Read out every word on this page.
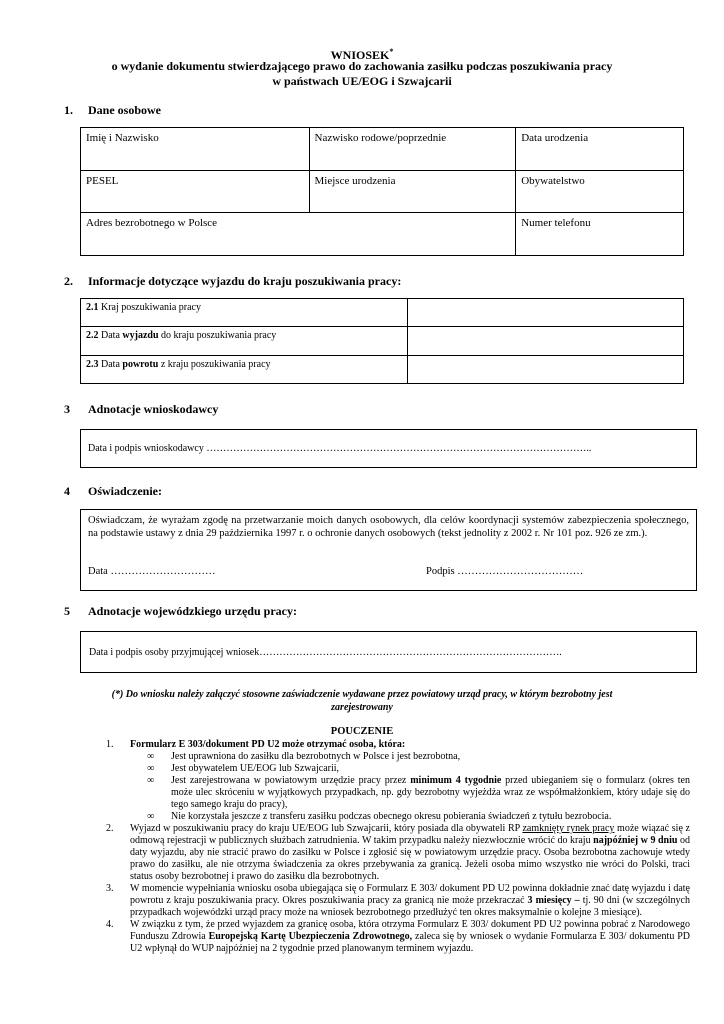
WNIOSEK*
o wydanie dokumentu stwierdzającego prawo do zachowania zasiłku podczas poszukiwania pracy
w państwach UE/EOG i Szwajcarii
1. Dane osobowe
Imię i Nazwisko	Nazwisko rodowe/poprzednie	Data urodzenia
PESEL	Miejsce urodzenia	Obywatelstwo
Adres bezrobotnego w Polsce		Numer telefonu
2. Informacje dotyczące wyjazdu do kraju poszukiwania pracy:
2.1 Kraj poszukiwania pracy	
2.2 Data wyjazdu do kraju poszukiwania pracy	
2.3 Data powrotu z kraju poszukiwania pracy	
3 Adnotacje wnioskodawcy
Data i podpis wnioskodawcy ……………………………………………………………………………………………………..
4 Oświadczenie:
Oświadczam, że wyrażam zgodę na przetwarzanie moich danych osobowych, dla celów koordynacji systemów zabezpieczenia społecznego, na podstawie ustawy z dnia 29 października 1997 r. o ochronie danych osobowych (tekst jednolity z 2002 r. Nr 101 poz. 926 ze zm.).
Data …………………………	Podpis ………………………………
5 Adnotacje wojewódzkiego urzędu pracy:
Data i podpis osoby przyjmującej wniosek……………………………………………………………………………….
(*) Do wniosku należy załączyć stosowne zaświadczenie wydawane przez powiatowy urząd pracy, w którym bezrobotny jest zarejestrowany
POUCZENIE
1. Formularz E 303/dokument PD U2 może otrzymać osoba, która:
∞ Jest uprawniona do zasiłku dla bezrobotnych w Polsce i jest bezrobotna,
∞ Jest obywatelem UE/EOG lub Szwajcarii,
∞ Jest zarejestrowana w powiatowym urzędzie pracy przez minimum 4 tygodnie przed ubieganiem się o formularz (okres ten może ulec skróceniu w wyjątkowych przypadkach, np. gdy bezrobotny wyjeżdża wraz ze współmałżonkiem, który udaje się do tego samego kraju do pracy),
∞ Nie korzystała jeszcze z transferu zasiłku podczas obecnego okresu pobierania świadczeń z tytułu bezrobocia.
2. Wyjazd w poszukiwaniu pracy do kraju UE/EOG lub Szwajcarii, który posiada dla obywateli RP zamknięty rynek pracy może wiązać się z odmową rejestracji w publicznych służbach zatrudnienia. W takim przypadku należy niezwłocznie wrócić do kraju najpóźniej w 9 dniu od daty wyjazdu, aby nie stracić prawo do zasiłku w Polsce i zgłosić się w powiatowym urzędzie pracy. Osoba bezrobotna zachowuje wtedy prawo do zasiłku, ale nie otrzyma świadczenia za okres przebywania za granicą. Jeżeli osoba mimo wszystko nie wróci do Polski, traci status osoby bezrobotnej i prawo do zasiłku dla bezrobotnych.
3. W momencie wypełniania wniosku osoba ubiegająca się o Formularz E 303/ dokument PD U2 powinna dokładnie znać datę wyjazdu i datę powrotu z kraju poszukiwania pracy. Okres poszukiwania pracy za granicą nie może przekraczać 3 miesięcy – tj. 90 dni (w szczególnych przypadkach wojewódzki urząd pracy może na wniosek bezrobotnego przedłużyć ten okres maksymalnie o kolejne 3 miesiące).
4. W związku z tym, że przed wyjazdem za granicę osoba, która otrzyma Formularz E 303/ dokument PD U2 powinna pobrać z Narodowego Funduszu Zdrowia Europejską Kartę Ubezpieczenia Zdrowotnego, zaleca się by wniosek o wydanie Formularza E 303/ dokumentu PD U2 wpłynął do WUP najpóźniej na 2 tygodnie przed planowanym terminem wyjazdu.
